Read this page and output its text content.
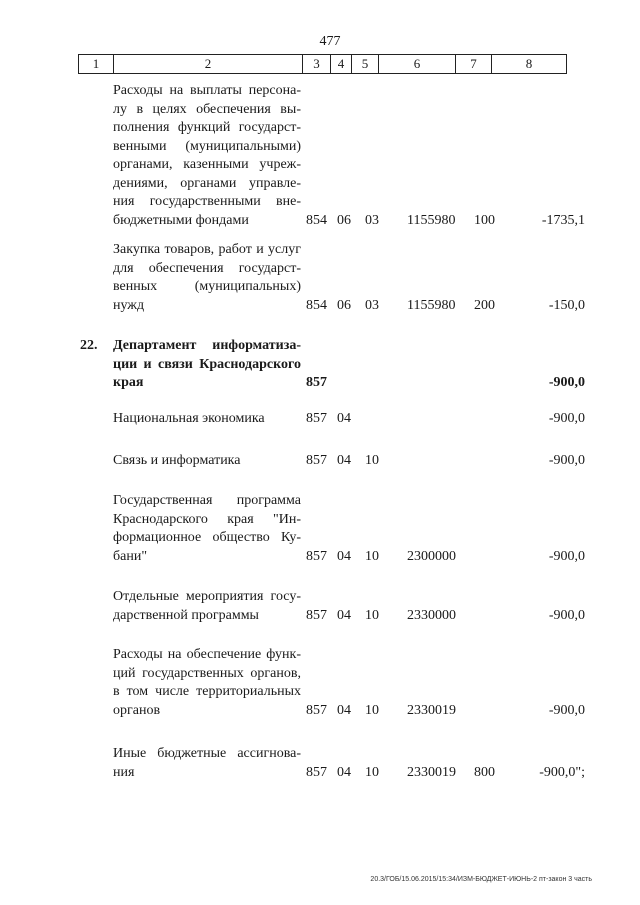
477
1	2	3	4	5	6	7	8
Расходы на выплаты персона-
лу в целях обеспечения вы-
полнения функций государст-
венными (муниципальными)
органами, казенными учреж-
дениями, органами управле-
ния государственными вне-
бюджетными фондами	854 06 03 1155980 100	-1735,1
Закупка товаров, работ и услуг
для обеспечения государст-
венных (муниципальных)
нужд	854 06 03 1155980 200	-150,0
22.	Департамент информатиза-
ции и связи Краснодарского
края	857	-900,0
Национальная экономика	857 04	-900,0
Связь и информатика	857 04 10	-900,0
Государственная программа
Краснодарского края "Ин-
формационное общество Ку-
бани"	857 04 10 2300000	-900,0
Отдельные мероприятия госу-
дарственной программы	857 04 10 2330000	-900,0
Расходы на обеспечение функ-
ций государственных органов,
в том числе территориальных
органов	857 04 10 2330019	-900,0
Иные бюджетные ассигнова-
ния	857 04 10 2330019 800	-900,0";
20.3/ГОБ/15.06.2015/15:34/ИЗМ-БЮДЖЕТ-ИЮНЬ-2 пт-закон 3 часть
